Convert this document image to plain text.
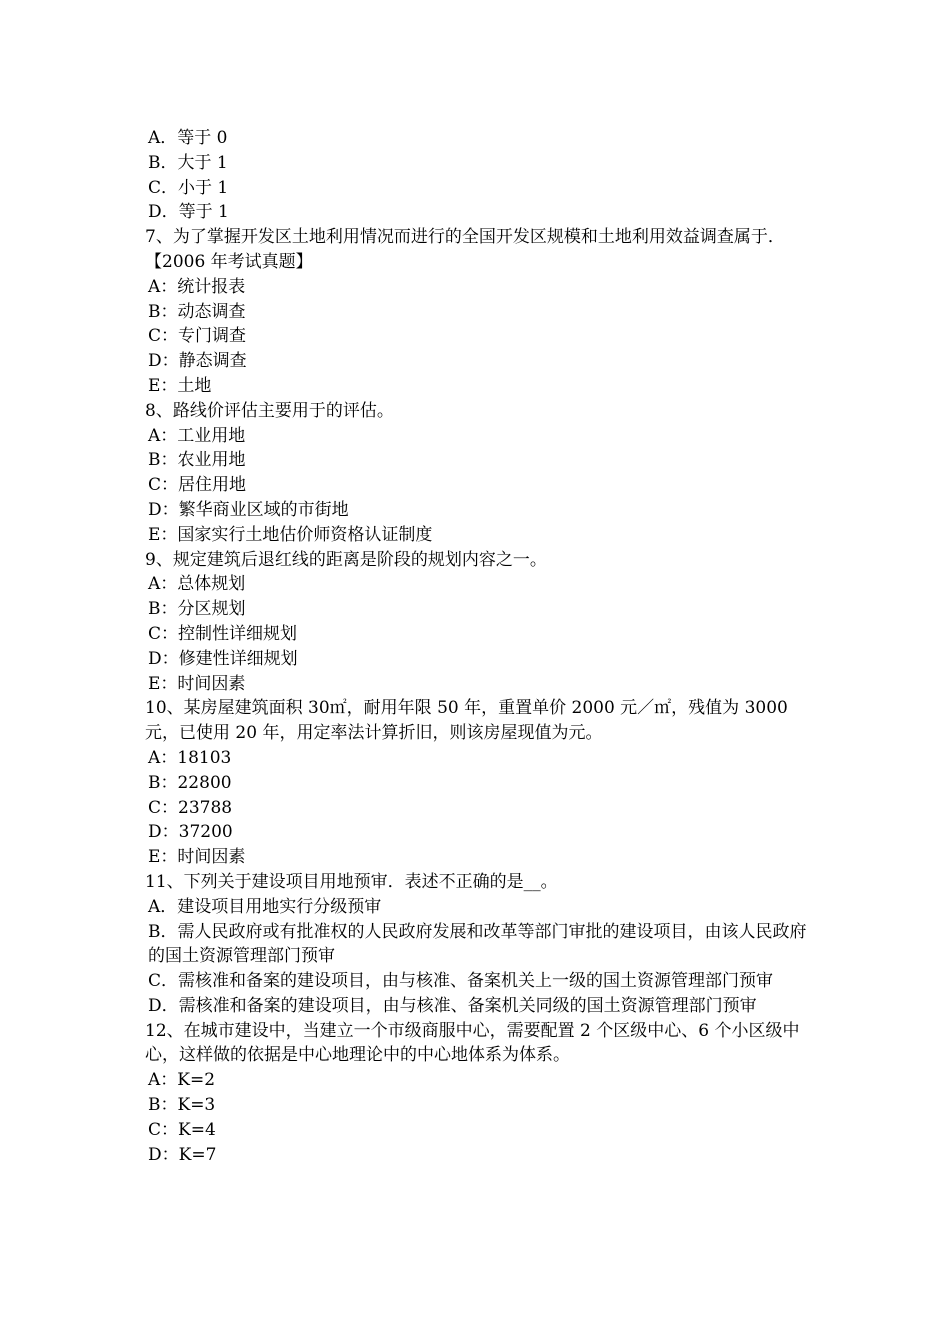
A．等于 0
B．大于 1
C．小于 1
D．等于 1
7、为了掌握开发区土地利用情况而进行的全国开发区规模和土地利用效益调查属于．【2006 年考试真题】
A：统计报表
B：动态调查
C：专门调查
D：静态调查
E：土地
8、路线价评估主要用于的评估。
A：工业用地
B：农业用地
C：居住用地
D：繁华商业区域的市街地
E：国家实行土地估价师资格认证制度
9、规定建筑后退红线的距离是阶段的规划内容之一。
A：总体规划
B：分区规划
C：控制性详细规划
D：修建性详细规划
E：时间因素
10、某房屋建筑面积 30㎡，耐用年限 50 年，重置单价 2000 元／㎡，残值为 3000 元，已使用 20 年，用定率法计算折旧，则该房屋现值为元。
A：18103
B：22800
C：23788
D：37200
E：时间因素
11、下列关于建设项目用地预审．表述不正确的是__。
A．建设项目用地实行分级预审
B．需人民政府或有批准权的人民政府发展和改革等部门审批的建设项目，由该人民政府的国土资源管理部门预审
C．需核准和备案的建设项目，由与核准、备案机关上一级的国土资源管理部门预审
D．需核准和备案的建设项目，由与核准、备案机关同级的国土资源管理部门预审
12、在城市建设中，当建立一个市级商服中心，需要配置 2 个区级中心、6 个小区级中心，这样做的依据是中心地理论中的中心地体系为体系。
A：K=2
B：K=3
C：K=4
D：K=7
